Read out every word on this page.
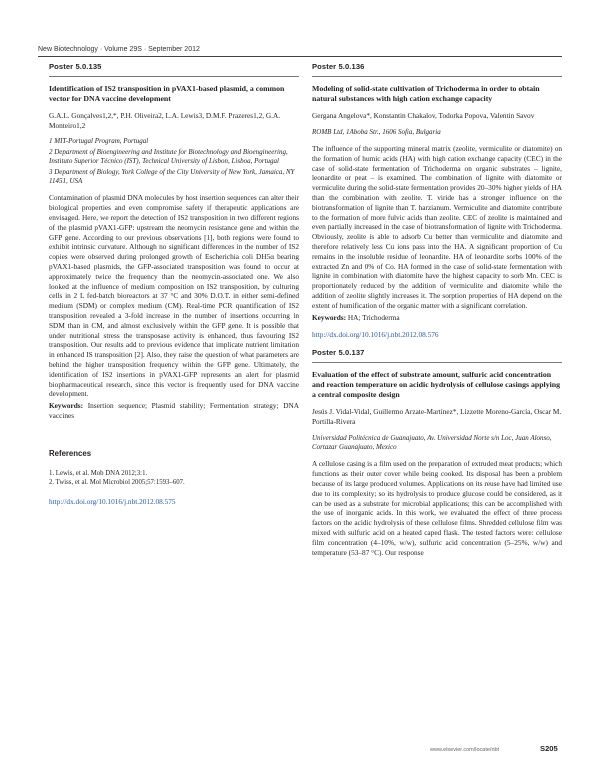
New Biotechnology · Volume 29S · September 2012
Poster 5.0.135
Identification of IS2 transposition in pVAX1-based plasmid, a common vector for DNA vaccine development
G.A.L. Gonçalves1,2,*, P.H. Oliveira2, L.A. Lewis3, D.M.F. Prazeres1,2, G.A. Monteiro1,2
1 MIT-Portugal Program, Portugal
2 Department of Bioengineering and Institute for Biotechnology and Bioengineering, Instituto Superior Técnico (IST), Technical University of Lisbon, Lisboa, Portugal
3 Department of Biology, York College of the City University of New York, Jamaica, NY 11451, USA
Contamination of plasmid DNA molecules by host insertion sequences can alter their biological properties and even compromise safety if therapeutic applications are envisaged. Here, we report the detection of IS2 transposition in two different regions of the plasmid pVAX1-GFP: upstream the neomycin resistance gene and within the GFP gene. According to our previous observations [1], both regions were found to exhibit intrinsic curvature. Although no significant differences in the number of IS2 copies were observed during prolonged growth of Escherichia coli DH5α bearing pVAX1-based plasmids, the GFP-associated transposition was found to occur at approximately twice the frequency than the neomycin-associated one. We also looked at the influence of medium composition on IS2 transposition, by culturing cells in 2 L fed-batch bioreactors at 37 °C and 30% D.O.T. in either semi-defined medium (SDM) or complex medium (CM). Real-time PCR quantification of IS2 transposition revealed a 3-fold increase in the number of insertions occurring in SDM than in CM, and almost exclusively within the GFP gene. It is possible that under nutritional stress the transposase activity is enhanced, thus favouring IS2 transposition. Our results add to previous evidence that implicate nutrient limitation in enhanced IS transposition [2]. Also, they raise the question of what parameters are behind the higher transposition frequency within the GFP gene. Ultimately, the identification of IS2 insertions in pVAX1-GFP represents an alert for plasmid biopharmaceutical research, since this vector is frequently used for DNA vaccine development.
Keywords: Insertion sequence; Plasmid stability; Fermentation strategy; DNA vaccines
References
1. Lewis, et al. Mob DNA 2012;3:1.
2. Twiss, et al. Mol Microbiol 2005;57:1593–607.
http://dx.doi.org/10.1016/j.nbt.2012.08.575
Poster 5.0.136
Modeling of solid-state cultivation of Trichoderma in order to obtain natural substances with high cation exchange capacity
Gergana Angelova*, Konstantin Chakalov, Todorka Popova, Valentin Savov
ROMB Ltd, 1Aboba Str., 1606 Sofia, Bulgaria
The influence of the supporting mineral matrix (zeolite, vermiculite or diatomite) on the formation of humic acids (HA) with high cation exchange capacity (CEC) in the case of solid-state fermentation of Trichoderma on organic substrates – lignite, leonardite or peat – is examined. The combination of lignite with diatomite or vermiculite during the solid-state fermentation provides 20–30% higher yields of HA than the combination with zeolite. T. viride has a stronger influence on the biotransformation of lignite than T. harzianum. Vermiculite and diatomite contribute to the formation of more fulvic acids than zeolite. CEC of zeolite is maintained and even partially increased in the case of biotransformation of lignite with Trichoderma. Obviously, zeolite is able to adsorb Cu better than vermiculite and diatomite and therefore relatively less Cu ions pass into the HA. A significant proportion of Cu remains in the insoluble residue of leonardite. HA of leonardite sorbs 100% of the extracted Zn and 0% of Co. HA formed in the case of solid-state fermentation with lignite in combination with diatomite have the highest capacity to sorb Mn. CEC is proportionately reduced by the addition of vermiculite and diatomite while the addition of zeolite slightly increases it. The sorption properties of HA depend on the extent of humification of the organic matter with a significant correlation.
Keywords: HA; Trichoderma
http://dx.doi.org/10.1016/j.nbt.2012.08.576
Poster 5.0.137
Evaluation of the effect of substrate amount, sulfuric acid concentration and reaction temperature on acidic hydrolysis of cellulose casings applying a central composite design
Jesús J. Vidal-Vidal, Guillermo Arzate-Martínez*, Lizzette Moreno-García, Oscar M. Portilla-Rivera
Universidad Politécnica de Guanajuato, Av. Universidad Norte s/n Loc, Juan Alonso, Cortazar Guanajuato, Mexico
A cellulose casing is a film used on the preparation of extruded meat products; which functions as their outer cover while being cooked. Its disposal has been a problem because of its large produced volumes. Applications on its reuse have had limited use due to its complexity; so its hydrolysis to produce glucose could be considered, as it can be used as a substrate for microbial applications; this can be accomplished with the use of inorganic acids. In this work, we evaluated the effect of three process factors on the acidic hydrolysis of these cellulose films. Shredded cellulose film was mixed with sulfuric acid on a heated caped flask. The tested factors were: cellulose film concentration (4–10%, w/w), sulfuric acid concentration (5–25%, w/w) and temperature (53–87 °C). Our response
www.elsevier.com/locate/nbt	S205
